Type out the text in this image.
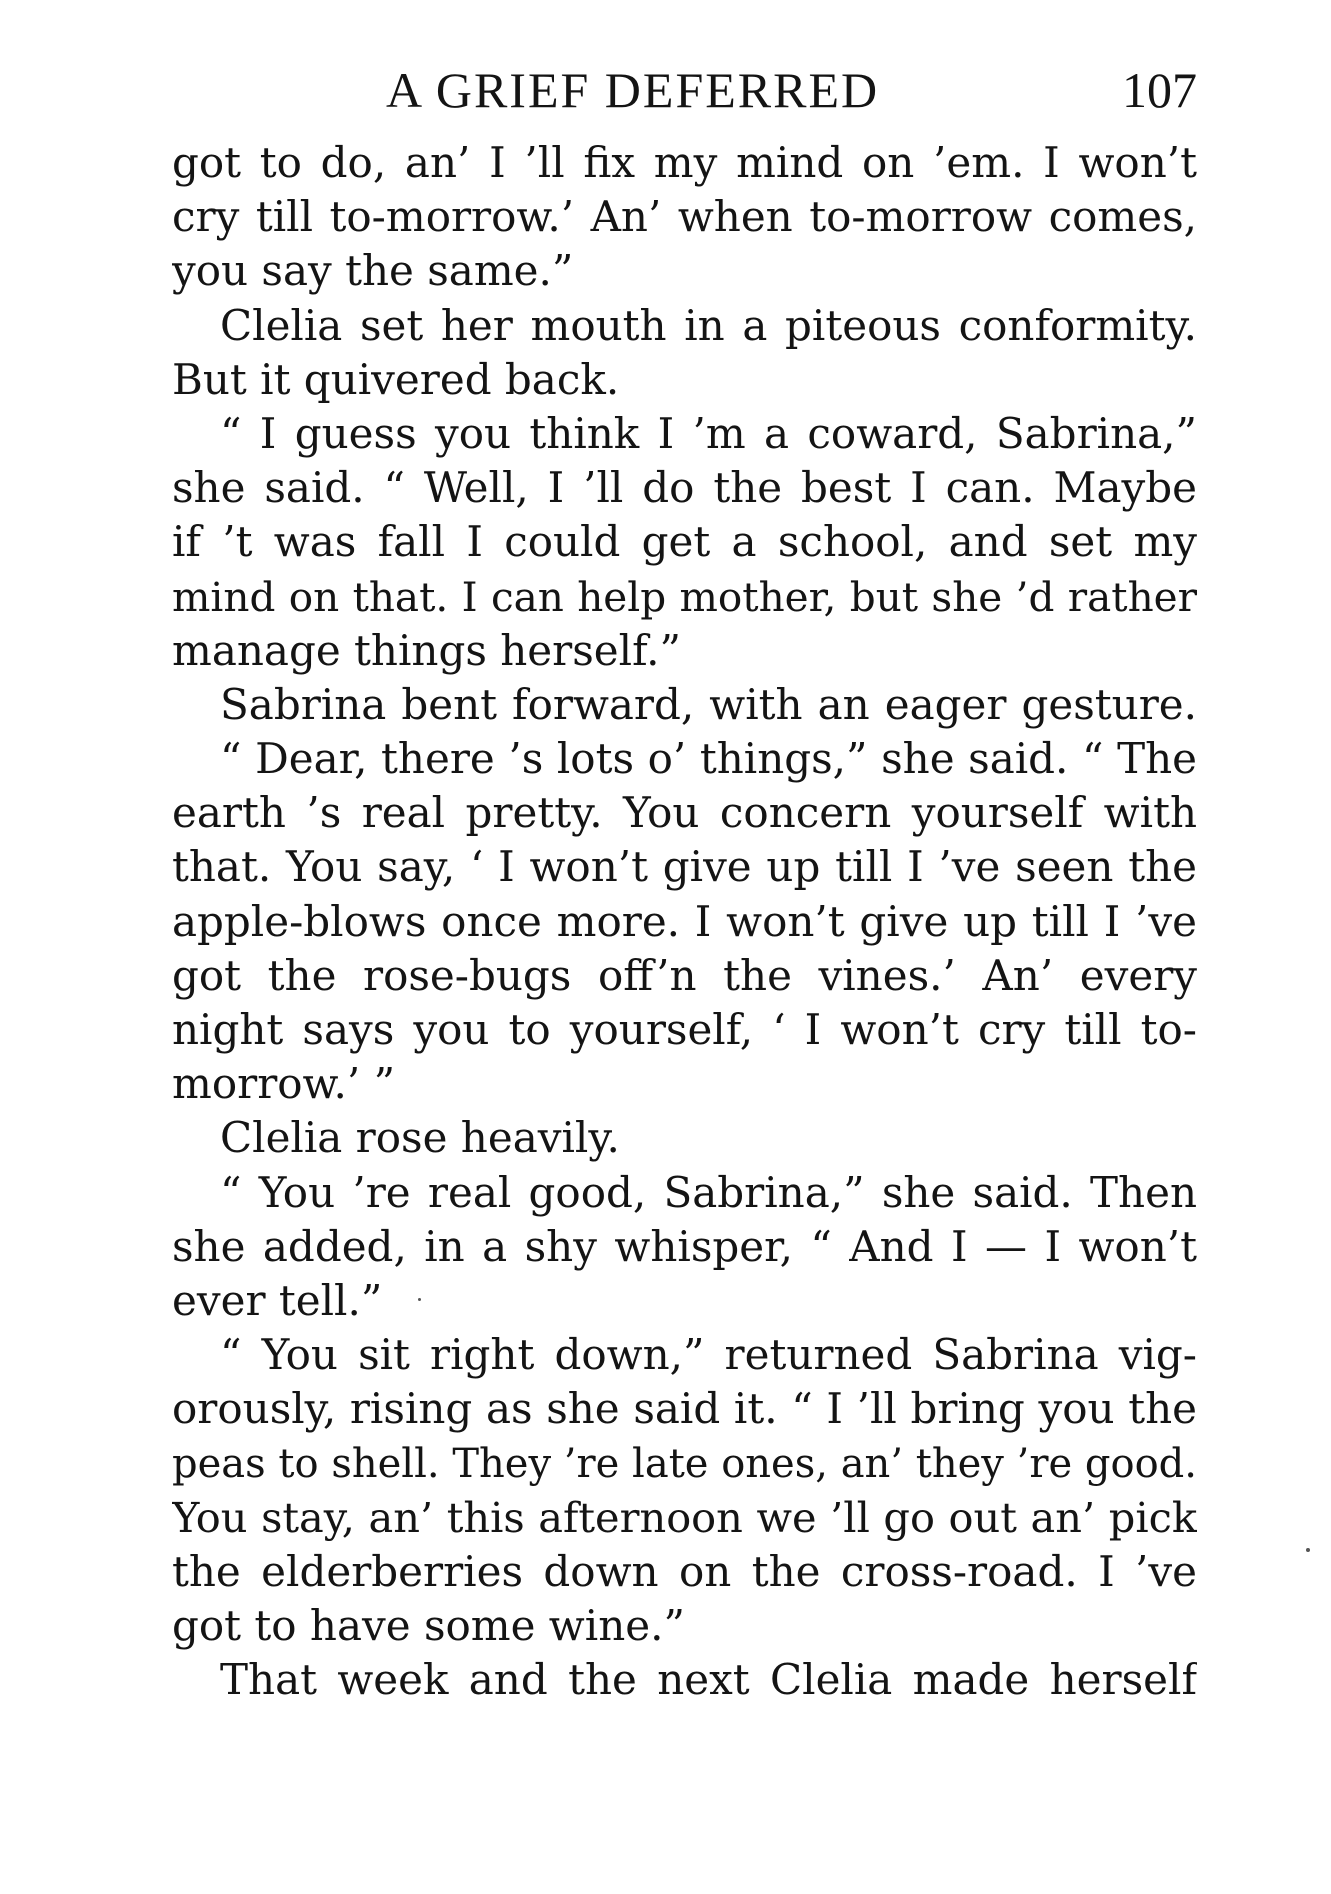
A GRIEF DEFERRED	107
got to do, an’ I ’ll fix my mind on ’em. I won’t
cry till to-morrow.’ An’ when to-morrow comes,
you say the same.”
Clelia set her mouth in a piteous conformity.
But it quivered back.
“ I guess you think I ’m a coward, Sabrina,”
she said. “ Well, I ’ll do the best I can. Maybe
if ’t was fall I could get a school, and set my
mind on that. I can help mother, but she ’d rather
manage things herself.”
Sabrina bent forward, with an eager gesture.
“ Dear, there ’s lots o’ things,” she said. “ The
earth ’s real pretty. You concern yourself with
that. You say, ‘ I won’t give up till I ’ve seen the
apple-blows once more. I won’t give up till I ’ve
got the rose-bugs off’n the vines.’ An’ every
night says you to yourself, ‘ I won’t cry till to-
morrow.’ ”
Clelia rose heavily.
“ You ’re real good, Sabrina,” she said. Then
she added, in a shy whisper, “ And I — I won’t
ever tell.”
“ You sit right down,” returned Sabrina vig-
orously, rising as she said it. “ I ’ll bring you the
peas to shell. They ’re late ones, an’ they ’re good.
You stay, an’ this afternoon we ’ll go out an’ pick
the elderberries down on the cross-road. I ’ve
got to have some wine.”
That week and the next Clelia made herself
